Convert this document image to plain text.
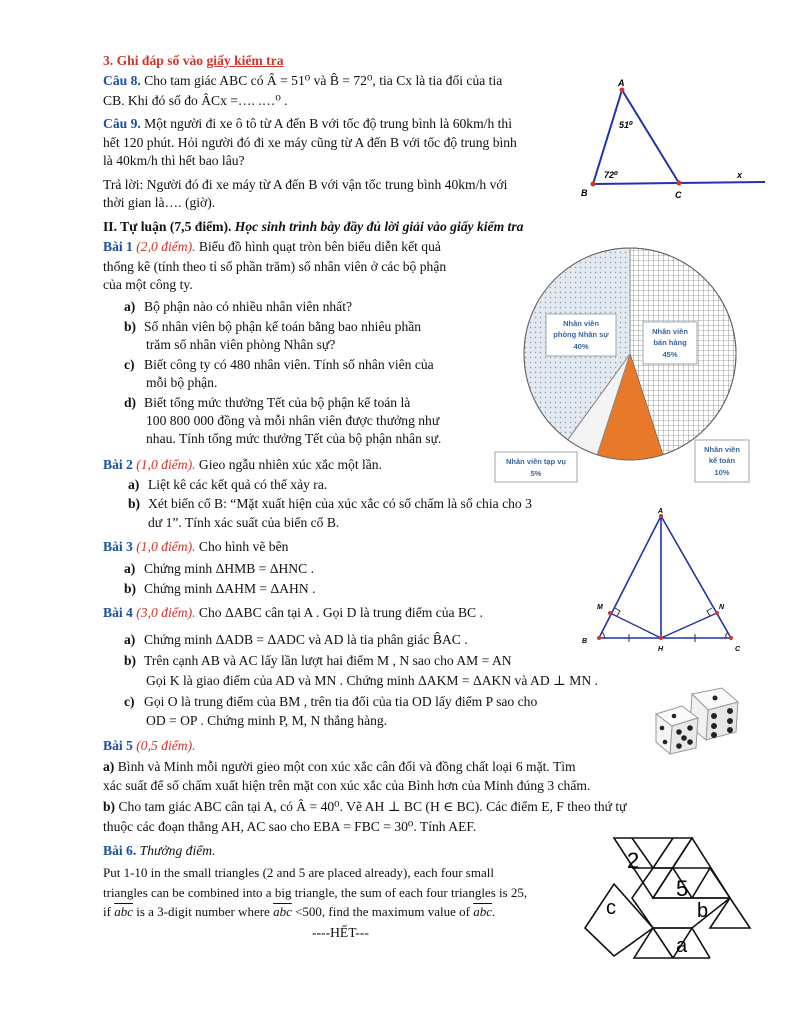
3. Ghi đáp số vào giấy kiểm tra
Câu 8. Cho tam giác ABC có Â = 51⁰ và B̂ = 72⁰, tia Cx là tia đối của tia
CB. Khi đó số đo ÂCx =…. .…⁰ .
Câu 9. Một người đi xe ô tô từ A đến B với tốc độ trung bình là 60km/h thì
hết 120 phút. Hỏi người đó đi xe máy cũng từ A đến B với tốc độ trung bình
là 40km/h thì hết bao lâu?
Trả lời: Người đó đi xe máy từ A đến B với vận tốc trung bình 40km/h với
thời gian là…. (giờ).
A
B	C
x
51⁰
72⁰
II. Tự luận (7,5 điểm). Học sinh trình bày đầy đủ lời giải vào giấy kiểm tra
Bài 1 (2,0 điểm). Biểu đồ hình quạt tròn bên biểu diễn kết quả
thống kê (tính theo tỉ số phần trăm) số nhân viên ở các bộ phận
của một công ty.
a) Bộ phận nào có nhiều nhân viên nhất?
b) Số nhân viên bộ phận kế toán bằng bao nhiêu phần
trăm số nhân viên phòng Nhân sự?
c) Biết công ty có 480 nhân viên. Tính số nhân viên của
mỗi bộ phận.
d) Biết tổng mức thưởng Tết của bộ phận kế toán là
100 800 000 đồng và mỗi nhân viên được thưởng như
nhau. Tính tổng mức thưởng Tết của bộ phận nhân sự.
Nhân viên
phòng Nhân sự
40%
Nhân viên
bán hàng
45%
Nhân viên tạp vụ
5%
Nhân viên
kế toán
10%
Bài 2 (1,0 điểm). Gieo ngẫu nhiên xúc xắc một lần.
a) Liệt kê các kết quả có thể xảy ra.
b) Xét biến cố B: “Mặt xuất hiện của xúc xắc có số chấm là số chia cho 3
dư 1”. Tính xác suất của biến cố B.
Bài 3 (1,0 điểm). Cho hình vẽ bên
a) Chứng minh ΔHMB = ΔHNC .
b) Chứng minh ΔAHM = ΔAHN .
A
B
C
H
M	N
Bài 4 (3,0 điểm). Cho ΔABC cân tại A . Gọi D là trung điểm của BC .
a) Chứng minh ΔADB = ΔADC và AD là tia phân giác B̂AC .
b) Trên cạnh AB và AC lấy lần lượt hai điểm M , N sao cho AM = AN
Gọi K là giao điểm của AD và MN . Chứng minh ΔAKM = ΔAKN và AD ⊥ MN .
c) Gọi O là trung điểm của BM , trên tia đối của tia OD lấy điểm P sao cho
OD = OP . Chứng minh P, M, N thẳng hàng.
Bài 5 (0,5 điểm).
a) Bình và Minh mỗi người gieo một con xúc xắc cân đối và đồng chất loại 6 mặt. Tìm
xác suất để số chấm xuất hiện trên mặt con xúc xắc của Bình hơn của Minh đúng 3 chấm.
b) Cho tam giác ABC cân tại A, có Â = 40⁰. Vẽ AH ⊥ BC (H ∈ BC). Các điểm E, F theo thứ tự
thuộc các đoạn thẳng AH, AC sao cho EBA = FBC = 30⁰. Tính AEF.
Bài 6. Thưởng điểm.
Put 1-10 in the small triangles (2 and 5 are placed already), each four small
triangles can be combined into a big triangle, the sum of each four triangles is 25,
if $\overline{abc}$ is a 3-digit number where $\overline{abc} <500$, find the maximum value of $\overline{abc}$.
----HẾT---
2
5
c	b
a
